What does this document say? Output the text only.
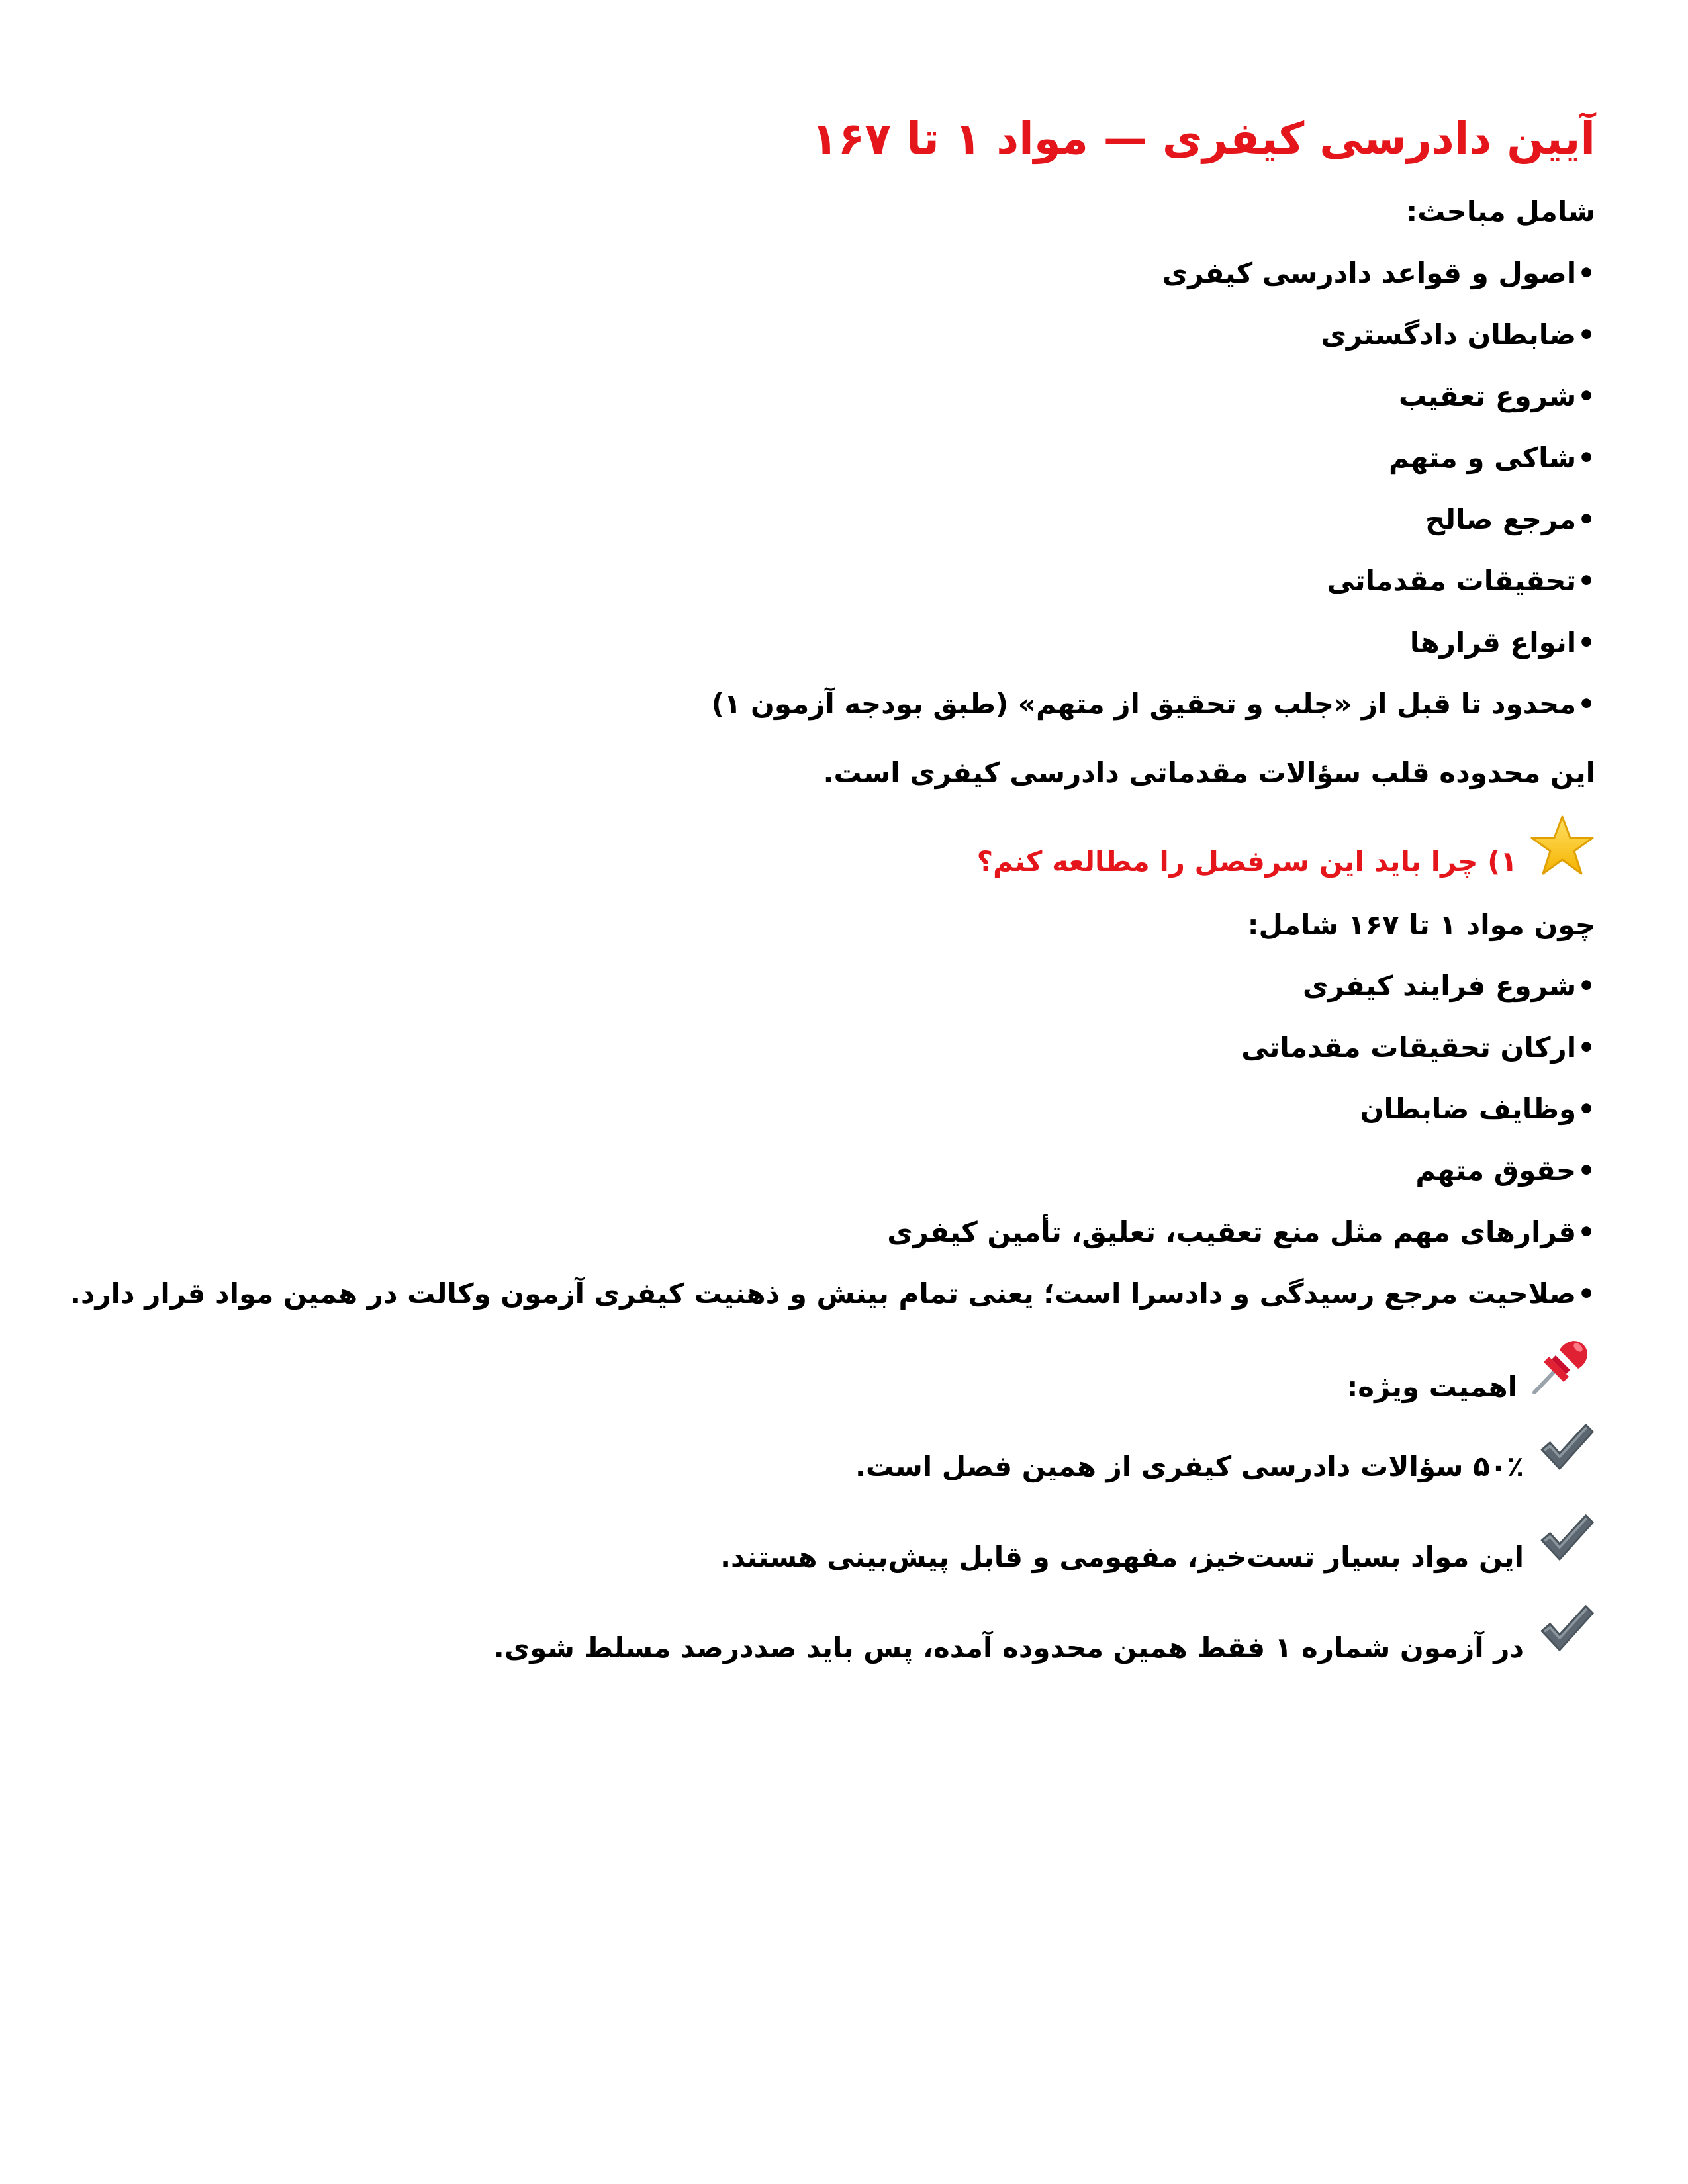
آیین دادرسی کیفری — مواد ۱ تا ۱۶۷
شامل مباحث:
•اصول و قواعد دادرسی کیفری
•ضابطان دادگستری
•شروع تعقیب
•شاکی و متهم
•مرجع صالح
•تحقیقات مقدماتی
•انواع قرارها
•محدود تا قبل از «جلب و تحقیق از متهم» (طبق بودجه آزمون ۱)
این محدوده قلب سؤالات مقدماتی دادرسی کیفری است.
۱) چرا باید این سرفصل را مطالعه کنم؟
چون مواد ۱ تا ۱۶۷ شامل:
•شروع فرایند کیفری
•ارکان تحقیقات مقدماتی
•وظایف ضابطان
•حقوق متهم
•قرارهای مهم مثل منع تعقیب، تعلیق، تأمین کیفری
•صلاحیت مرجع رسیدگی و دادسرا است؛ یعنی تمام بینش و ذهنیت کیفری آزمون وکالت در همین مواد قرار دارد.
اهمیت ویژه:
۵۰٪ سؤالات دادرسی کیفری از همین فصل است.
این مواد بسیار تست‌خیز، مفهومی و قابل پیش‌بینی هستند.
در آزمون شماره ۱ فقط همین محدوده آمده، پس باید صددرصد مسلط شوی.
